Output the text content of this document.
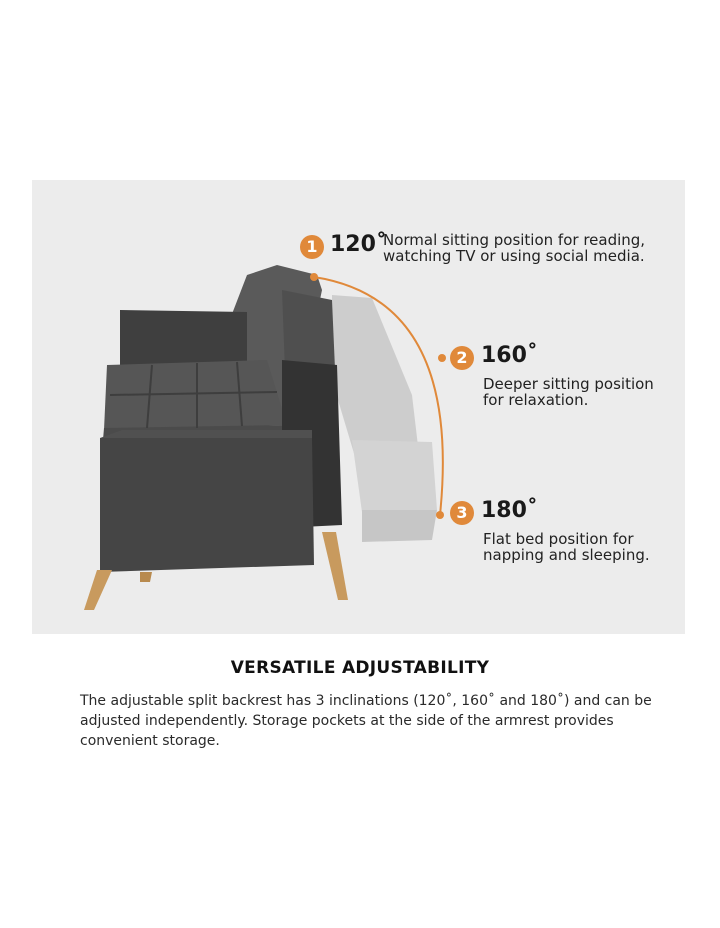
1 120˚
Normal sitting position for reading,
watching TV or using social media.
2 160˚
Deeper sitting position
for relaxation.
3 180˚
Flat bed position for
napping and sleeping.
VERSATILE ADJUSTABILITY
The adjustable split backrest has 3 inclinations (120˚, 160˚ and 180˚) and can be adjusted independently. Storage pockets at the side of the armrest provides convenient storage.
